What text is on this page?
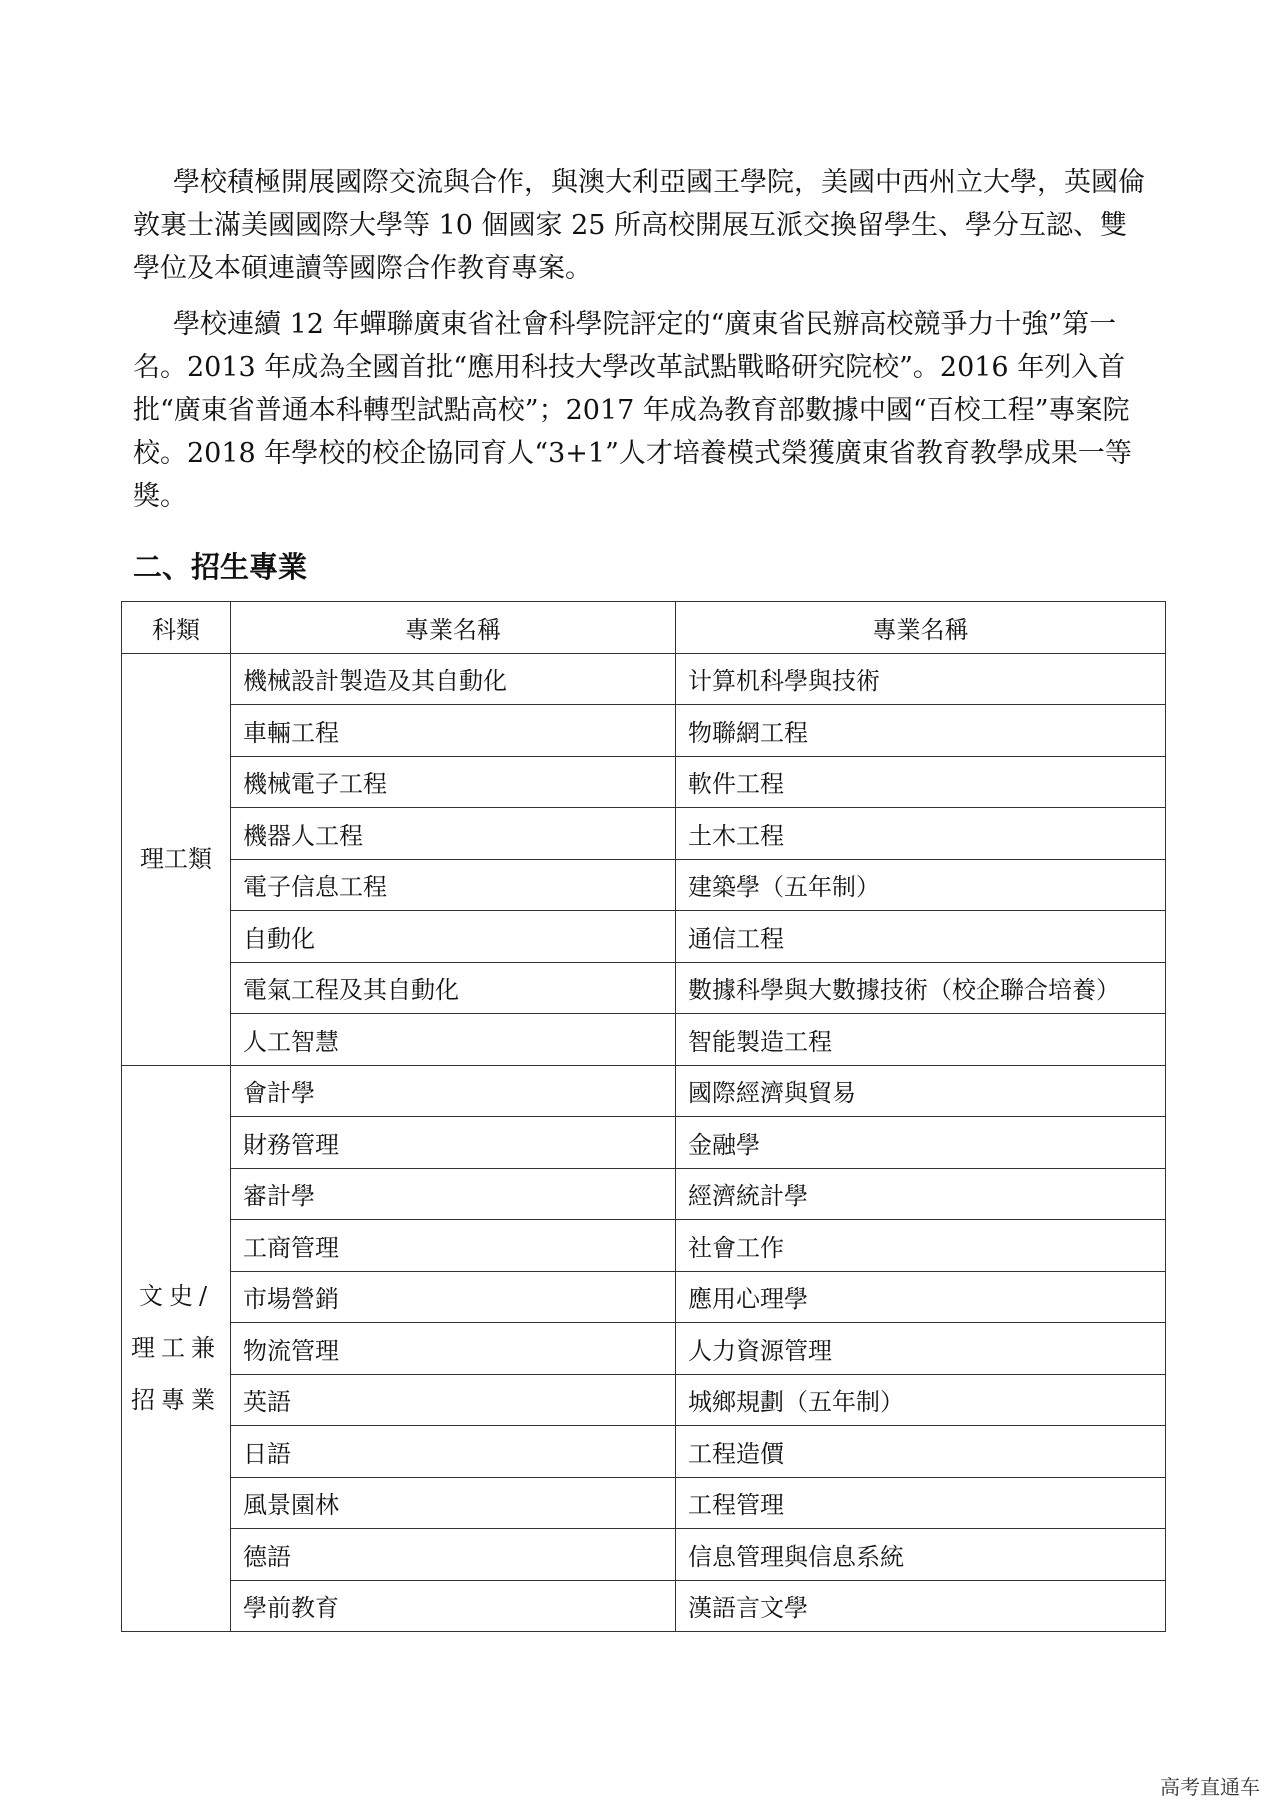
學校積極開展國際交流與合作，與澳大利亞國王學院，美國中西州立大學，英國倫敦裏士滿美國國際大學等 10 個國家 25 所高校開展互派交換留學生、學分互認、雙學位及本碩連讀等國際合作教育專案。

學校連續 12 年蟬聯廣東省社會科學院評定的“廣東省民辦高校競爭力十強”第一名。2013 年成為全國首批“應用科技大學改革試點戰略研究院校”。2016 年列入首批“廣東省普通本科轉型試點高校”；2017 年成為教育部數據中國“百校工程”專案院校。2018 年學校的校企協同育人“3+1”人才培養模式榮獲廣東省教育教學成果一等獎。

二、招生專業
科類	專業名稱	專業名稱
理工類	機械設計製造及其自動化	计算机科學與技術
	車輛工程	物聯網工程
	機械電子工程	軟件工程
	機器人工程	土木工程
	電子信息工程	建築學（五年制）
	自動化	通信工程
	電氣工程及其自動化	數據科學與大數據技術（校企聯合培養）
	人工智慧	智能製造工程
文史/
理工兼
招專業	會計學	國際經濟與貿易
	財務管理	金融學
	審計學	經濟統計學
	工商管理	社會工作
	市場營銷	應用心理學
	物流管理	人力資源管理
	英語	城鄉規劃（五年制）
	日語	工程造價
	風景園林	工程管理
	德語	信息管理與信息系統
	學前教育	漢語言文學
高考直通车
